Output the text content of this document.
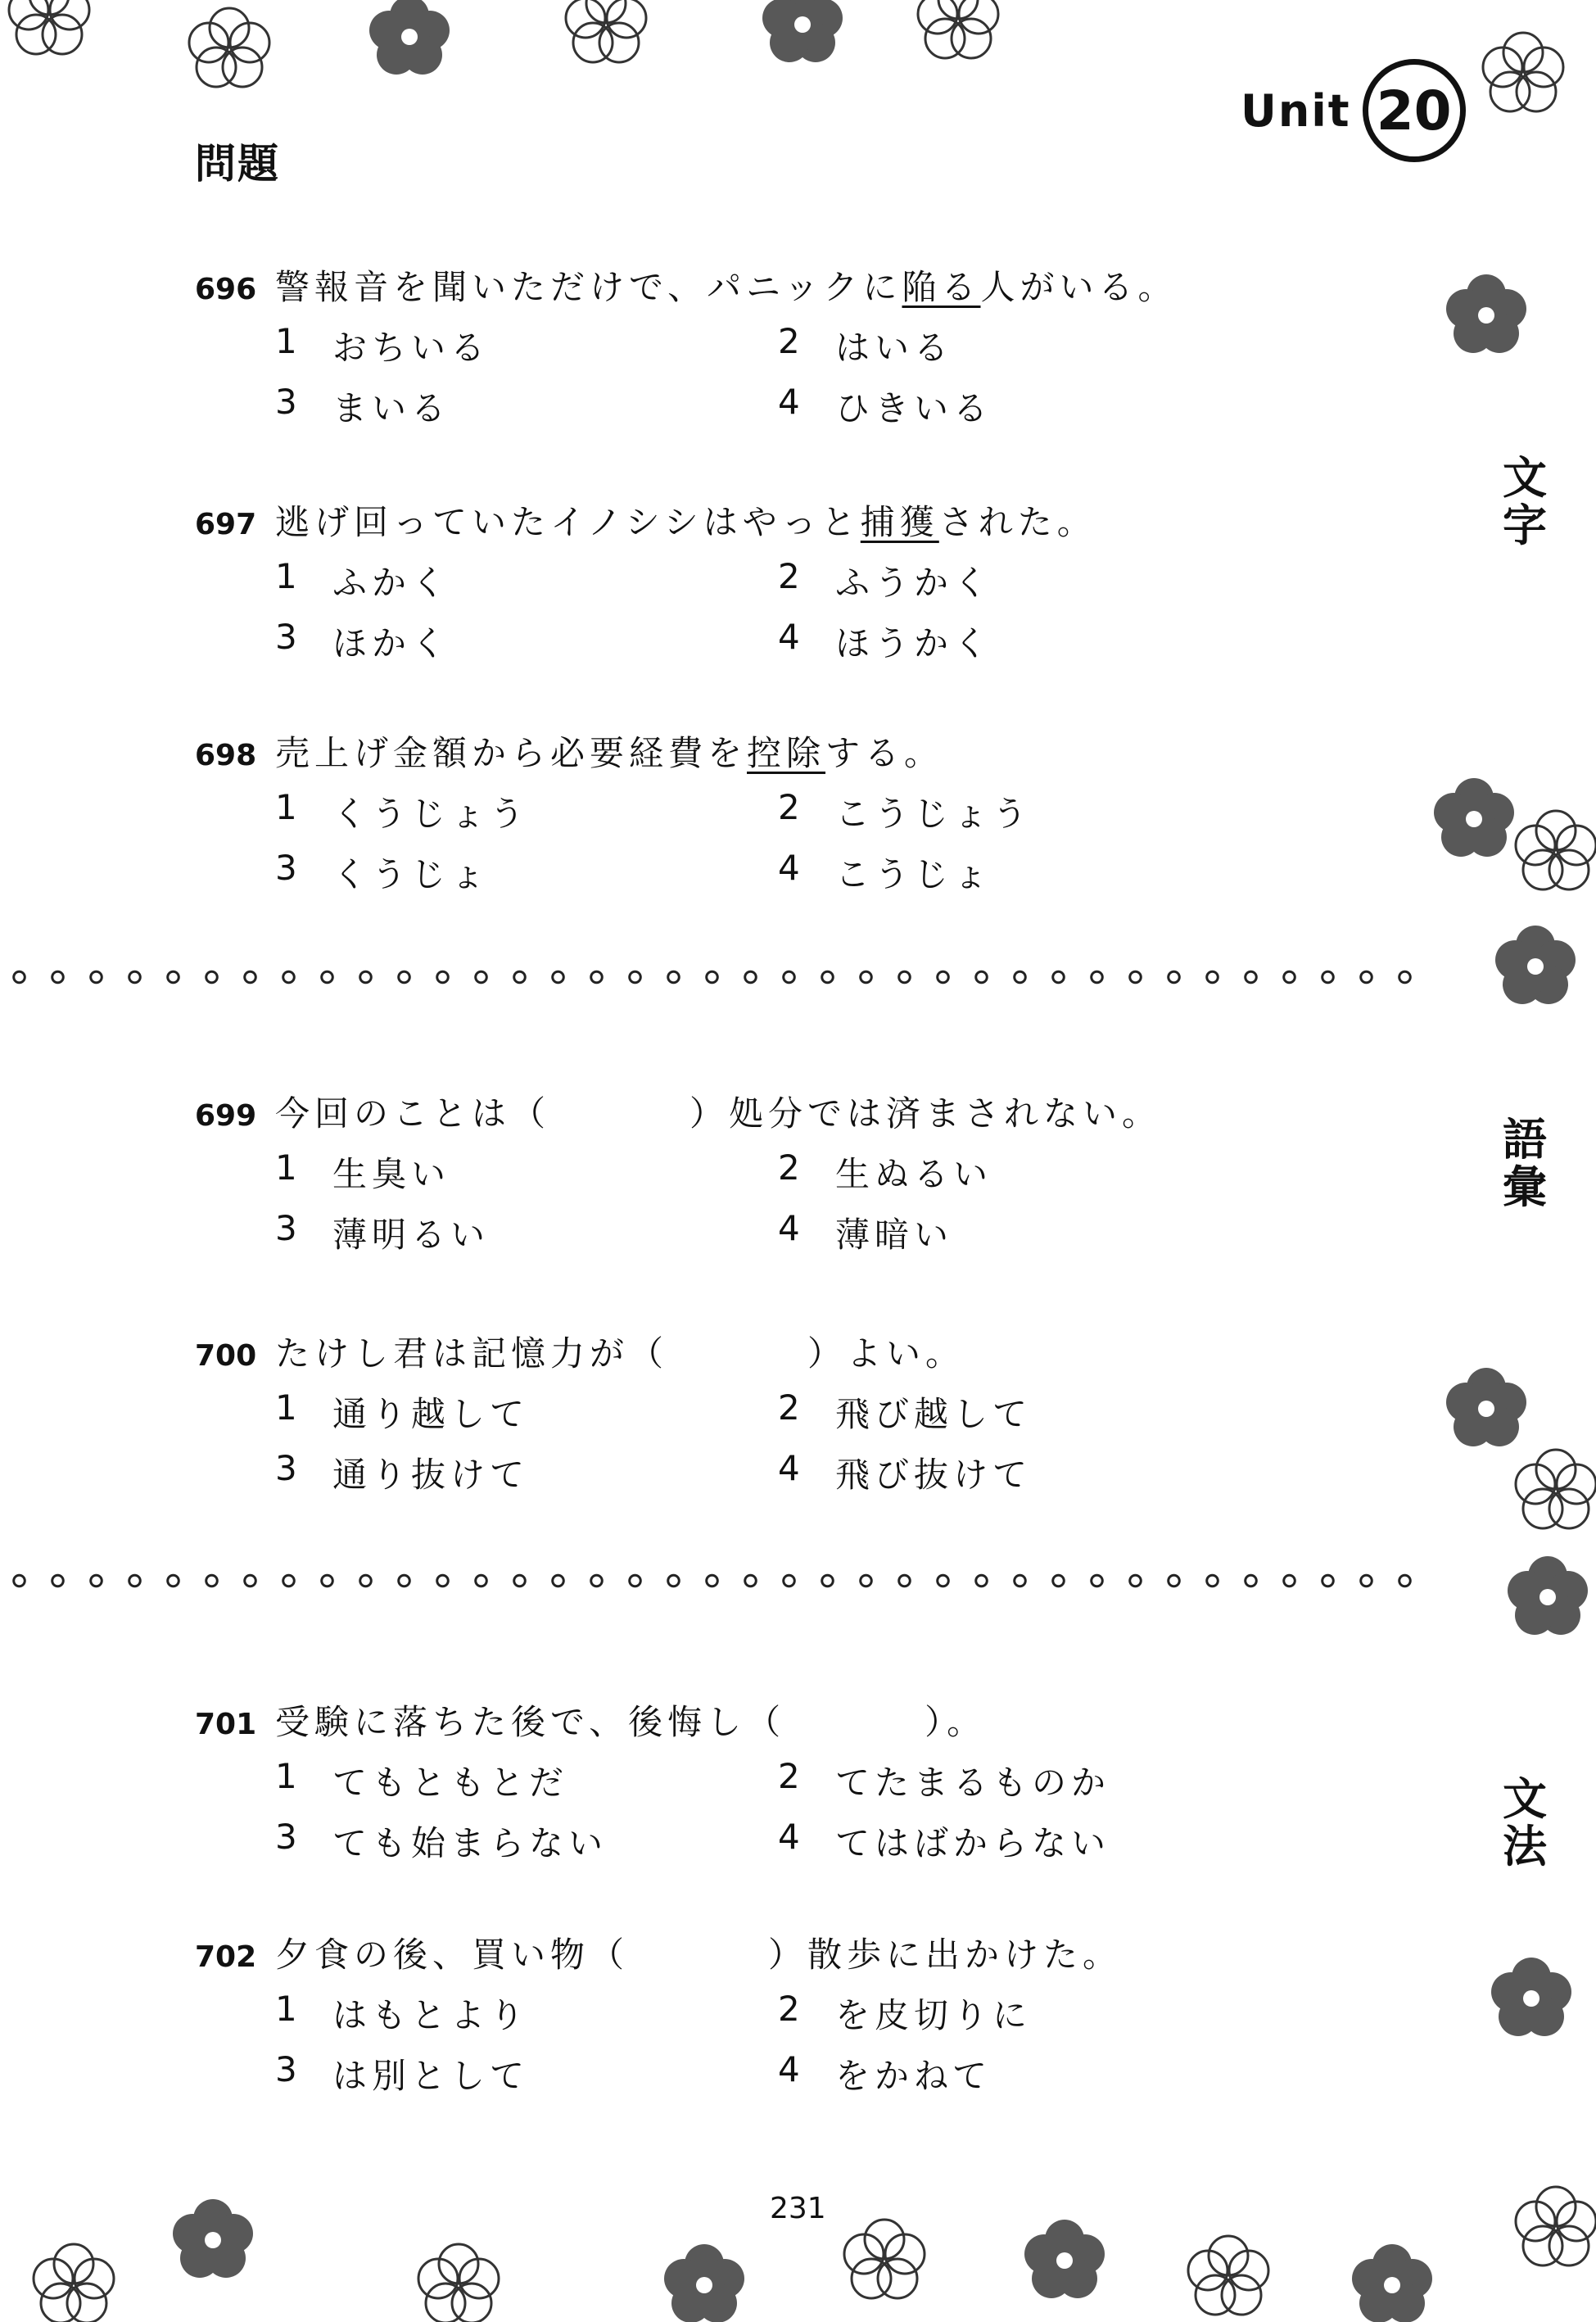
Unit 20
問題
文
字
語
彙
文
法
696 警報音を聞いただけで、パニックに陥る人がいる。
1 おちいる	2 はいる
3 まいる	4 ひきいる
697 逃げ回っていたイノシシはやっと捕獲された。
1 ふかく	2 ふうかく
3 ほかく	4 ほうかく
698 売上げ金額から必要経費を控除する。
1 くうじょう	2 こうじょう
3 くうじょ	4 こうじょ
699 今回のことは（	）処分では済まされない。
1 生臭い	2 生ぬるい
3 薄明るい	4 薄暗い
700 たけし君は記憶力が（	）よい。
1 通り越して	2 飛び越して
3 通り抜けて	4 飛び抜けて
701 受験に落ちた後で、後悔し（	）。
1 てもともとだ	2 てたまるものか
3 ても始まらない	4 てはばからない
702 夕食の後、買い物（	）散歩に出かけた。
1 はもとより	2 を皮切りに
3 は別として	4 をかねて
231
